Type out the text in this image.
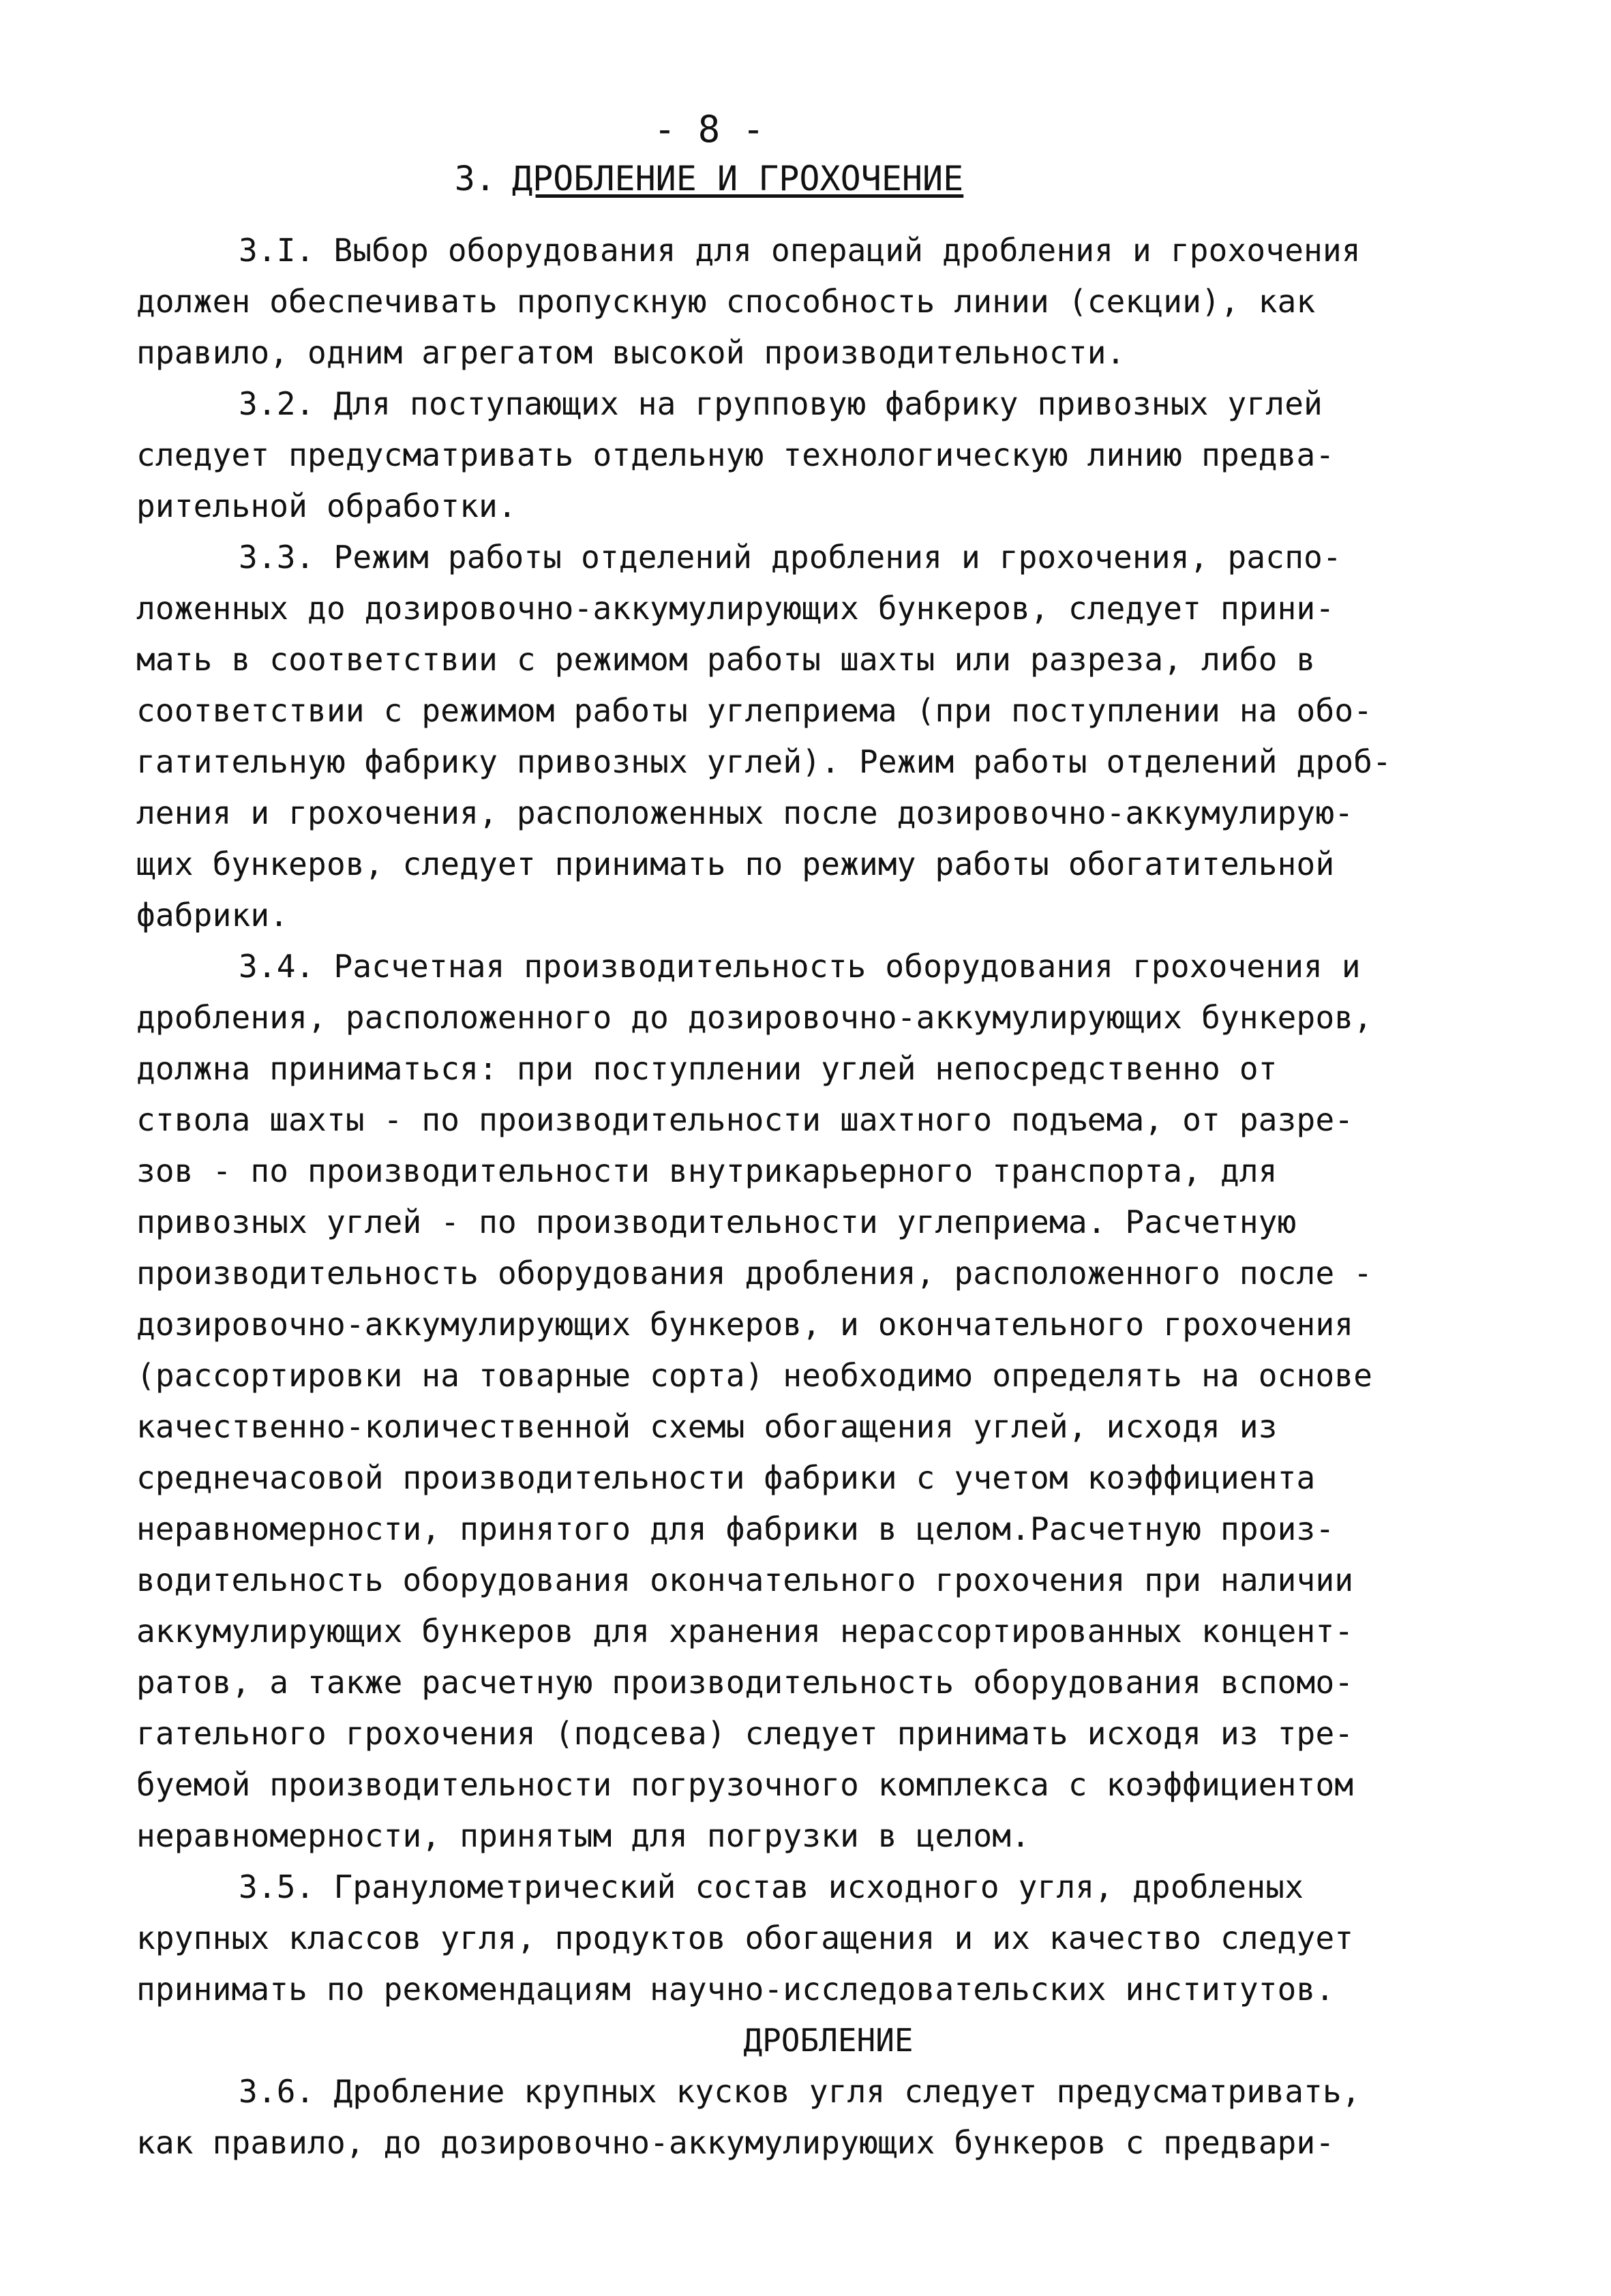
- 8 -
3. ДРОБЛЕНИЕ И ГРОХОЧЕНИЕ

3.I. Выбор оборудования для операций дробления и грохочения
должен обеспечивать пропускную способность линии (секции), как
правило, одним агрегатом высокой производительности.

3.2. Для поступающих на групповую фабрику привозных углей
следует предусматривать отдельную технологическую линию предва-
рительной обработки.

3.3. Режим работы отделений дробления и грохочения, распо-
ложенных до дозировочно-аккумулирующих бункеров, следует прини-
мать в соответствии с режимом работы шахты или разреза, либо в
соответствии с режимом работы углеприема (при поступлении на обо-
гатительную фабрику привозных углей). Режим работы отделений дроб-
ления и грохочения, расположенных после дозировочно-аккумулирую-
щих бункеров, следует принимать по режиму работы обогатительной
фабрики.

3.4. Расчетная производительность оборудования грохочения и
дробления, расположенного до дозировочно-аккумулирующих бункеров,
должна приниматься: при поступлении углей непосредственно от
ствола шахты - по производительности шахтного подъема, от разре-
зов - по производительности внутрикарьерного транспорта, для
привозных углей - по производительности углеприема. Расчетную
производительность оборудования дробления, расположенного после -
дозировочно-аккумулирующих бункеров, и окончательного грохочения
(рассортировки на товарные сорта) необходимо определять на основе
качественно-количественной схемы обогащения углей, исходя из
среднечасовой производительности фабрики с учетом коэффициента
неравномерности, принятого для фабрики в целом.Расчетную произ-
водительность оборудования окончательного грохочения при наличии
аккумулирующих бункеров для хранения нерассортированных концент-
ратов, а также расчетную производительность оборудования вспомо-
гательного грохочения (подсева) следует принимать исходя из тре-
буемой производительности погрузочного комплекса с коэффициентом
неравномерности, принятым для погрузки в целом.

3.5. Гранулометрический состав исходного угля, дробленых
крупных классов угля, продуктов обогащения и их качество следует
принимать по рекомендациям научно-исследовательских институтов.

ДРОБЛЕНИЕ

3.6. Дробление крупных кусков угля следует предусматривать,
как правило, до дозировочно-аккумулирующих бункеров с предвари-
